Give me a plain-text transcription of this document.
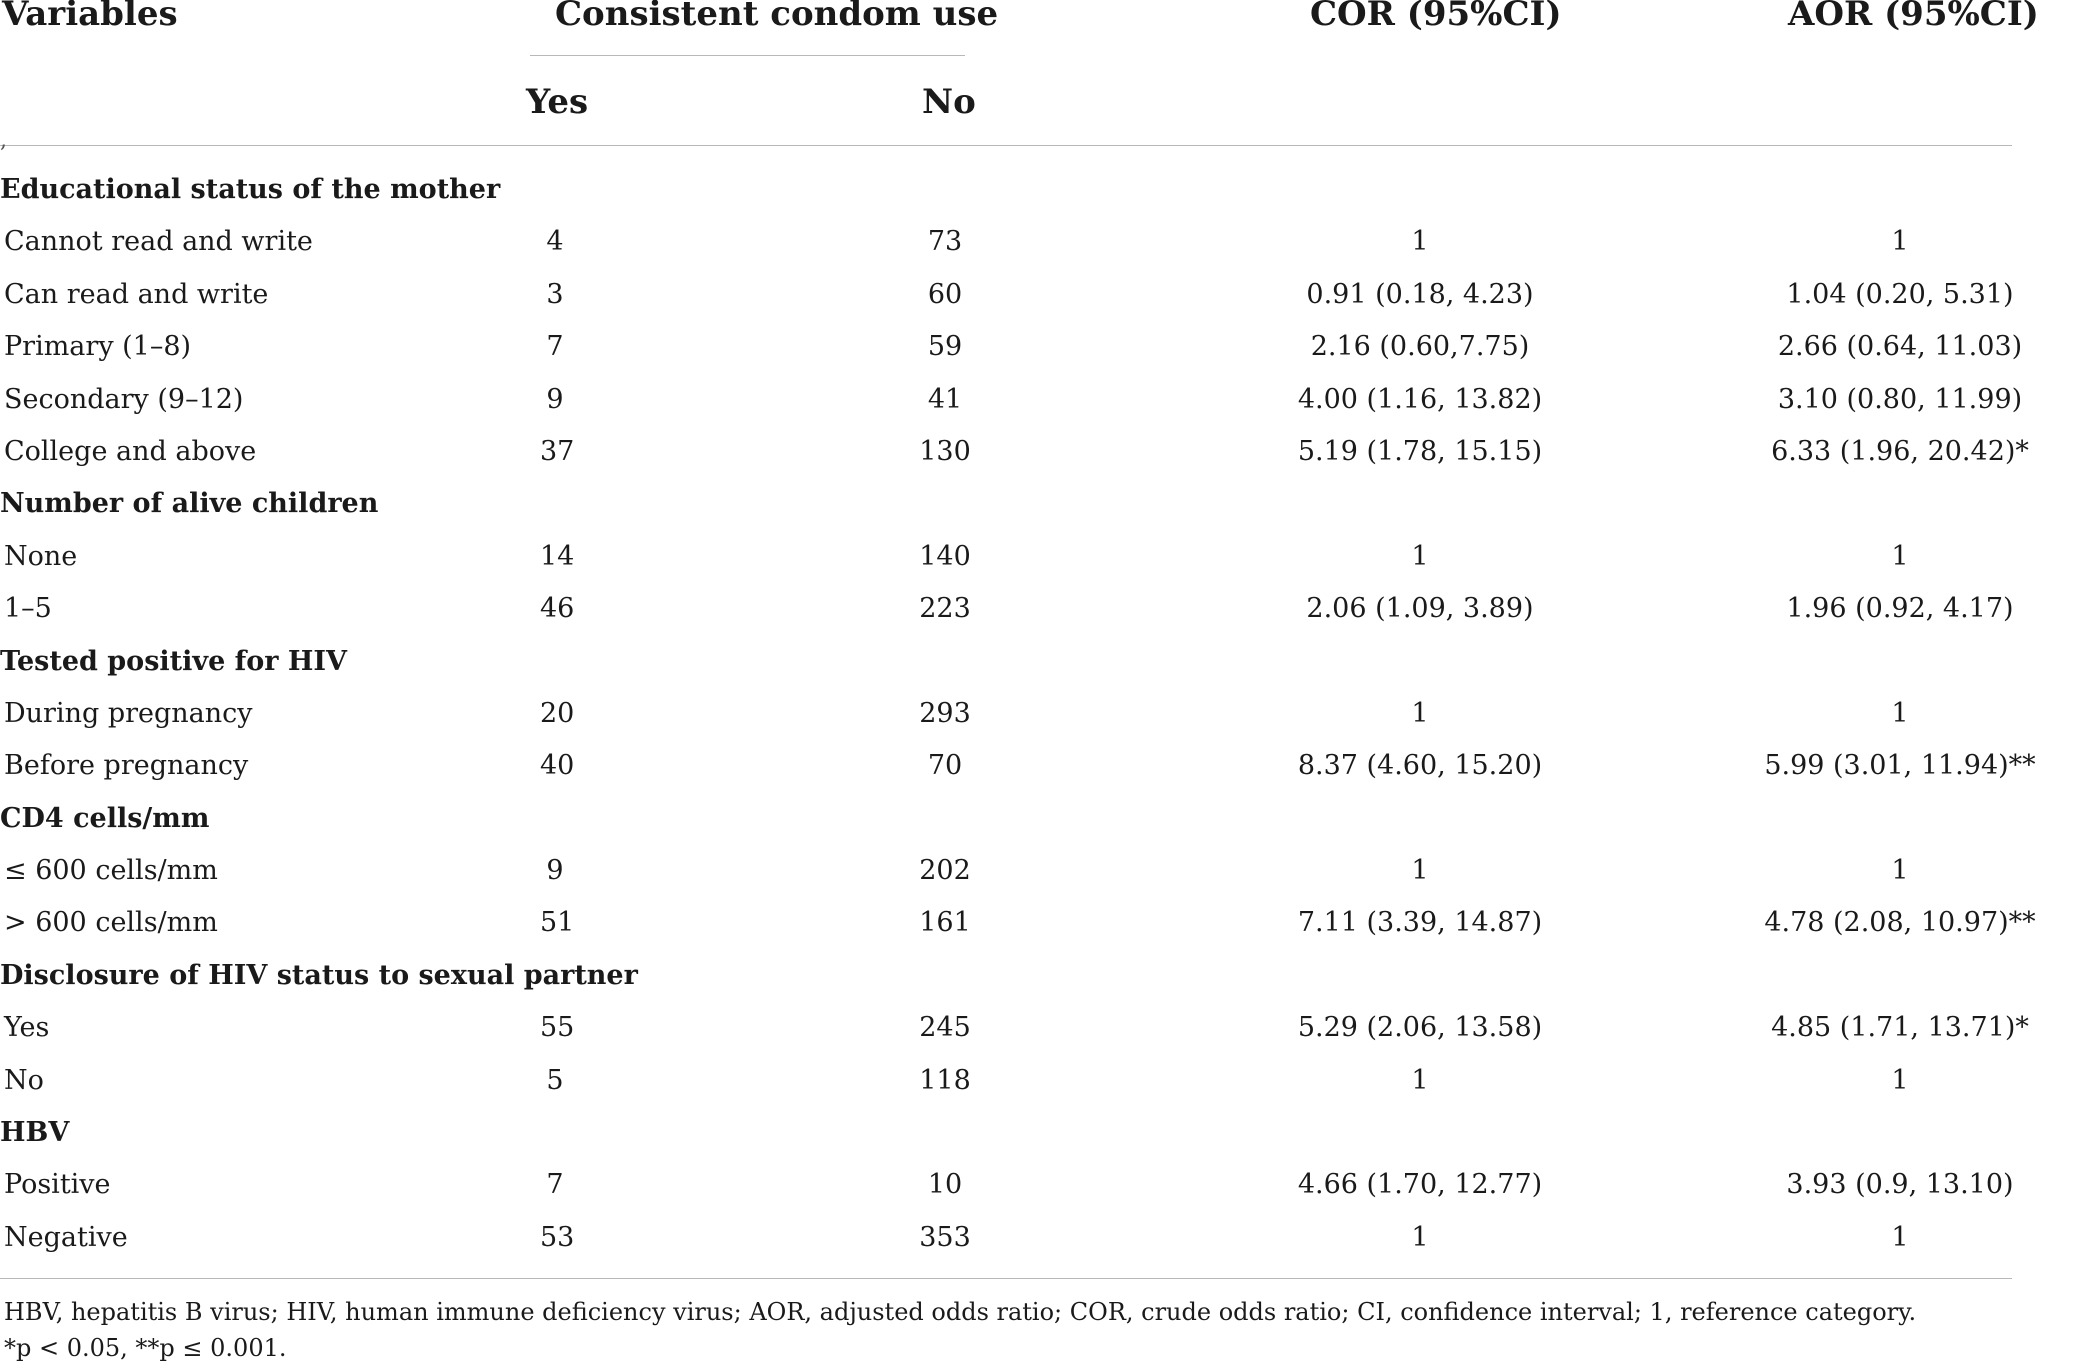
Variables	Consistent condom use	COR (95%CI)	AOR (95%CI)
Yes	No
,
Educational status of the mother
Cannot read and write	4	73	1	1
Can read and write	3	60	0.91 (0.18, 4.23)	1.04 (0.20, 5.31)
Primary (1–8)	7	59	2.16 (0.60,7.75)	2.66 (0.64, 11.03)
Secondary (9–12)	9	41	4.00 (1.16, 13.82)	3.10 (0.80, 11.99)
College and above	37	130	5.19 (1.78, 15.15)	6.33 (1.96, 20.42)*
Number of alive children
None	14	140	1	1
1–5	46	223	2.06 (1.09, 3.89)	1.96 (0.92, 4.17)
Tested positive for HIV
During pregnancy	20	293	1	1
Before pregnancy	40	70	8.37 (4.60, 15.20)	5.99 (3.01, 11.94)**
CD4 cells/mm
≤ 600 cells/mm	9	202	1	1
> 600 cells/mm	51	161	7.11 (3.39, 14.87)	4.78 (2.08, 10.97)**
Disclosure of HIV status to sexual partner
Yes	55	245	5.29 (2.06, 13.58)	4.85 (1.71, 13.71)*
No	5	118	1	1
HBV
Positive	7	10	4.66 (1.70, 12.77)	3.93 (0.9, 13.10)
Negative	53	353	1	1
HBV, hepatitis B virus; HIV, human immune deficiency virus; AOR, adjusted odds ratio; COR, crude odds ratio; CI, confidence interval; 1, reference category.
*p < 0.05, **p ≤ 0.001.
